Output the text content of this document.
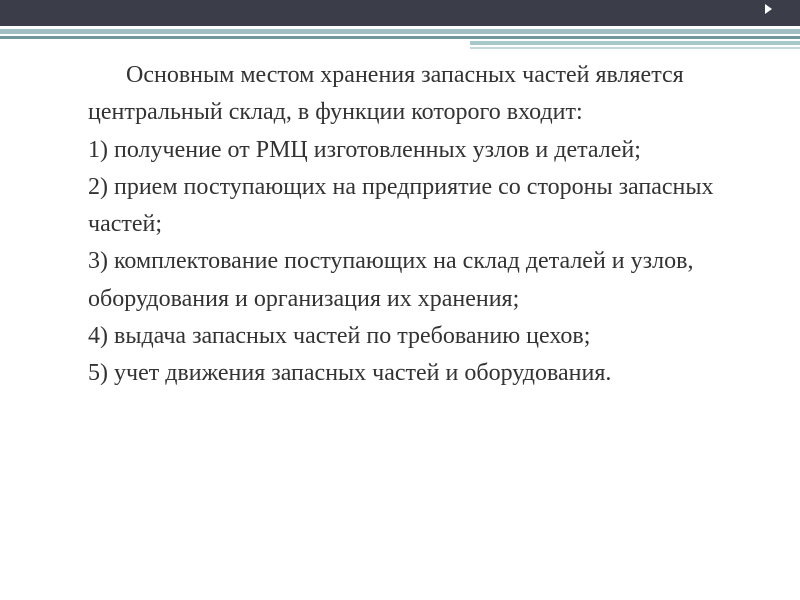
Основным местом хранения запасных частей является центральный склад, в функции которого входит:

1) получение от РМЦ изготовленных узлов и деталей;

2) прием поступающих на предприятие со стороны запасных частей;

3) комплектование поступающих на склад деталей и узлов, оборудования и организация их хранения;

4) выдача запасных частей по требованию цехов;

5) учет движения запасных частей и оборудования.
